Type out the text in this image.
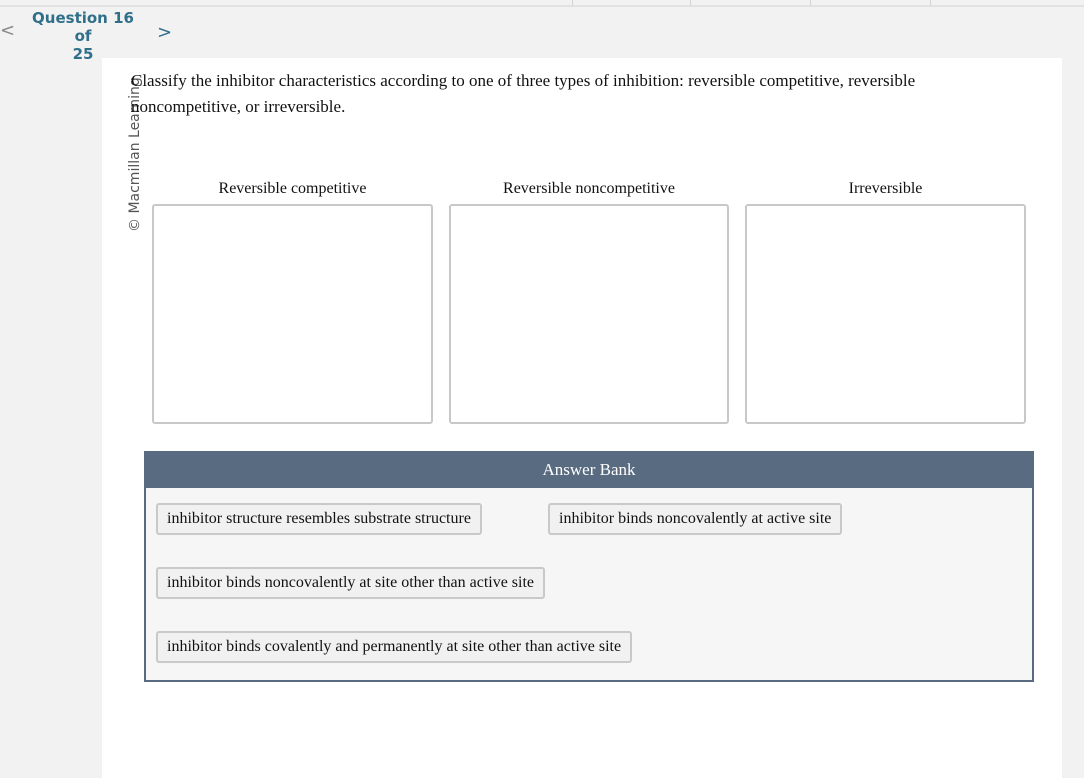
<
Question 16 of
25
>
© Macmillan Learning
Classify the inhibitor characteristics according to one of three types of inhibition: reversible competitive, reversible noncompetitive, or irreversible.
Reversible competitive	Reversible noncompetitive	Irreversible
Answer Bank
inhibitor structure resembles substrate structure	inhibitor binds noncovalently at active site
inhibitor binds noncovalently at site other than active site
inhibitor binds covalently and permanently at site other than active site
